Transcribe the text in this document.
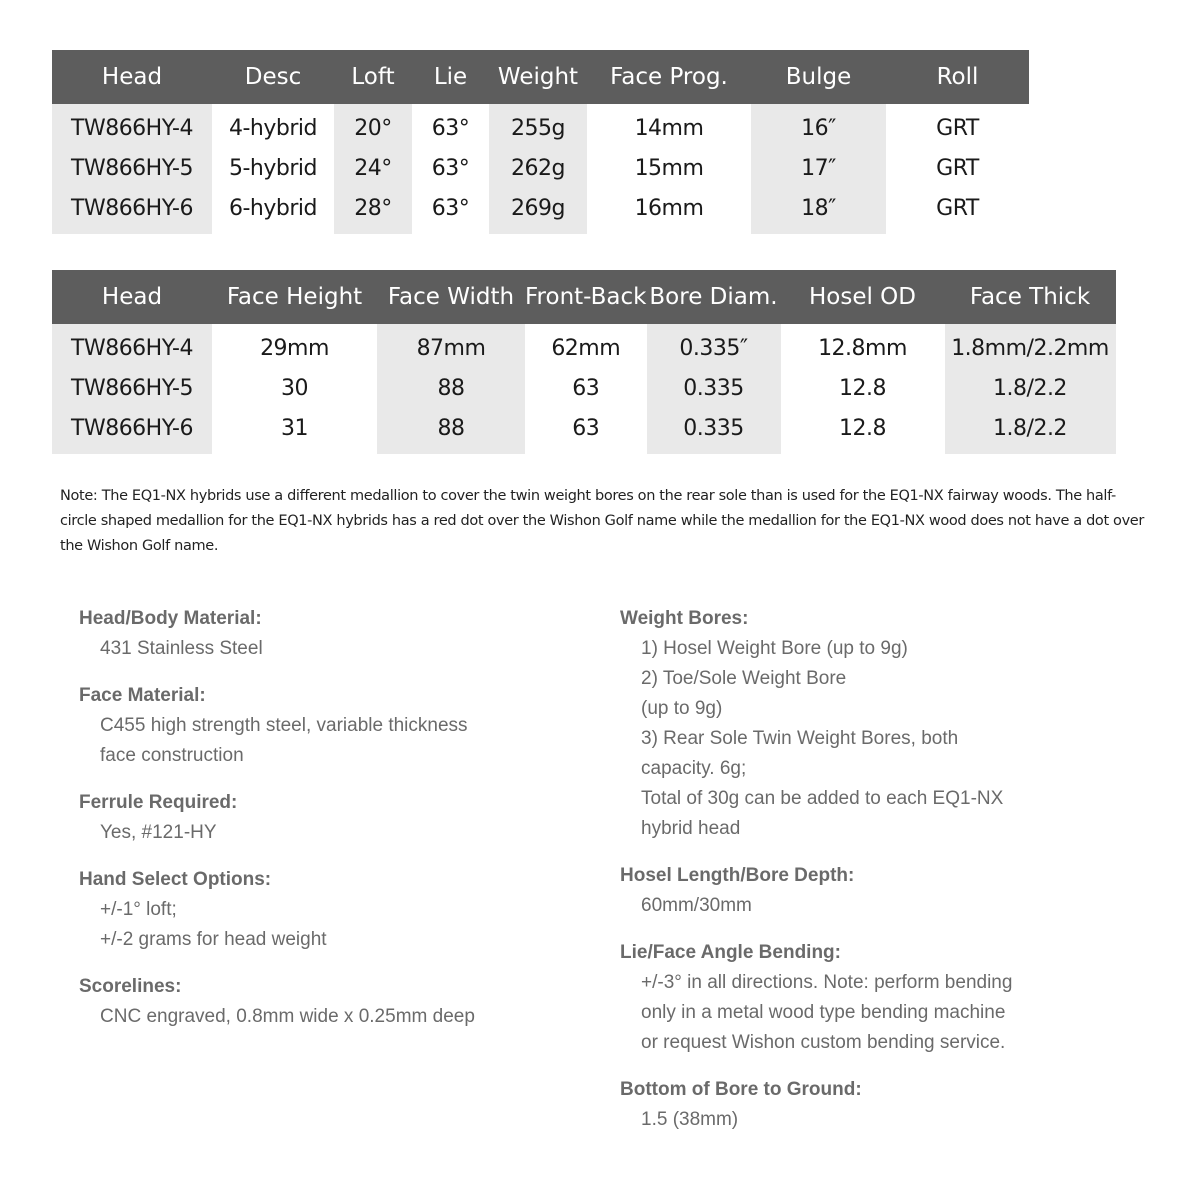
Head	Desc	Loft	Lie	Weight	Face Prog.	Bulge	Roll
TW866HY-4	4-hybrid	20°	63°	255g	14mm	16″	GRT
TW866HY-5	5-hybrid	24°	63°	262g	15mm	17″	GRT
TW866HY-6	6-hybrid	28°	63°	269g	16mm	18″	GRT
Head	Face Height	Face Width	Front-Back	Bore Diam.	Hosel OD	Face Thick
TW866HY-4	29mm	87mm	62mm	0.335″	12.8mm	1.8mm/2.2mm
TW866HY-5	30	88	63	0.335	12.8	1.8/2.2
TW866HY-6	31	88	63	0.335	12.8	1.8/2.2
Note: The EQ1-NX hybrids use a different medallion to cover the twin weight bores on the rear sole than is used for the EQ1-NX fairway woods. The half-circle shaped medallion for the EQ1-NX hybrids has a red dot over the Wishon Golf name while the medallion for the EQ1-NX wood does not have a dot over the Wishon Golf name.
Head/Body Material:
431 Stainless Steel
Face Material:
C455 high strength steel, variable thickness
face construction
Ferrule Required:
Yes, #121-HY
Hand Select Options:
+/-1° loft;
+/-2 grams for head weight
Scorelines:
CNC engraved, 0.8mm wide x 0.25mm deep
Weight Bores:
1) Hosel Weight Bore (up to 9g)
2) Toe/Sole Weight Bore
(up to 9g)
3) Rear Sole Twin Weight Bores, both
capacity. 6g;
Total of 30g can be added to each EQ1-NX
hybrid head
Hosel Length/Bore Depth:
60mm/30mm
Lie/Face Angle Bending:
+/-3° in all directions. Note: perform bending
only in a metal wood type bending machine
or request Wishon custom bending service.
Bottom of Bore to Ground:
1.5 (38mm)
